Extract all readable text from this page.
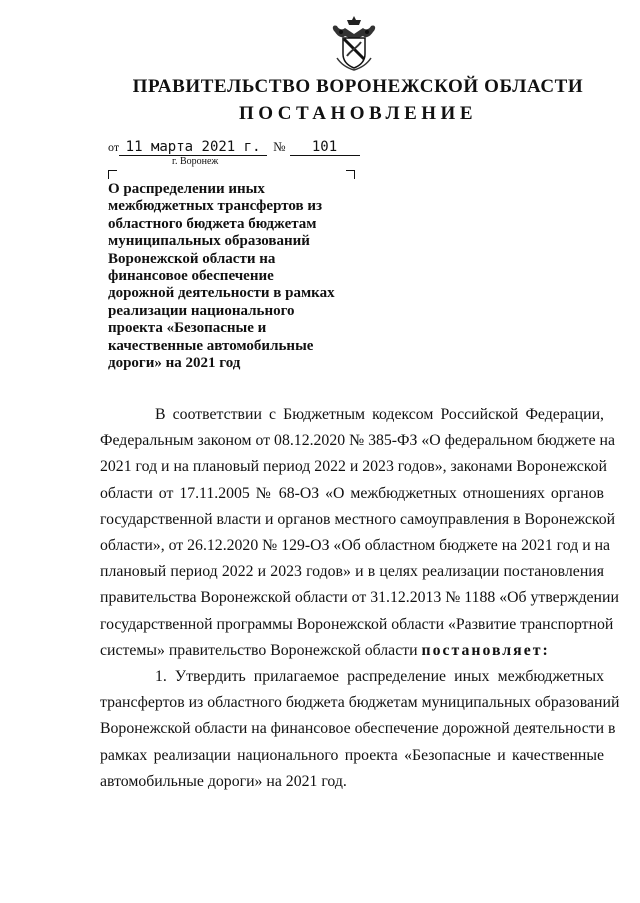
ПРАВИТЕЛЬСТВО ВОРОНЕЖСКОЙ ОБЛАСТИ
ПОСТАНОВЛЕНИЕ
от 11 марта 2021 г. № 101
г. Воронеж
О распределении иных
межбюджетных трансфертов из
областного бюджета бюджетам
муниципальных образований
Воронежской области на
финансовое обеспечение
дорожной деятельности в рамках
реализации национального
проекта «Безопасные и
качественные автомобильные
дороги» на 2021 год
В соответствии с Бюджетным кодексом Российской Федерации,
Федеральным законом от 08.12.2020 № 385-ФЗ «О федеральном бюджете на
2021 год и на плановый период 2022 и 2023 годов», законами Воронежской
области от 17.11.2005 № 68-ОЗ «О межбюджетных отношениях органов
государственной власти и органов местного самоуправления в Воронежской
области», от 26.12.2020 № 129-ОЗ «Об областном бюджете на 2021 год и на
плановый период 2022 и 2023 годов» и в целях реализации постановления
правительства Воронежской области от 31.12.2013 № 1188 «Об утверждении
государственной программы Воронежской области «Развитие транспортной
системы» правительство Воронежской области постановляет:
1. Утвердить прилагаемое распределение иных межбюджетных
трансфертов из областного бюджета бюджетам муниципальных образований
Воронежской области на финансовое обеспечение дорожной деятельности в
рамках реализации национального проекта «Безопасные и качественные
автомобильные дороги» на 2021 год.
